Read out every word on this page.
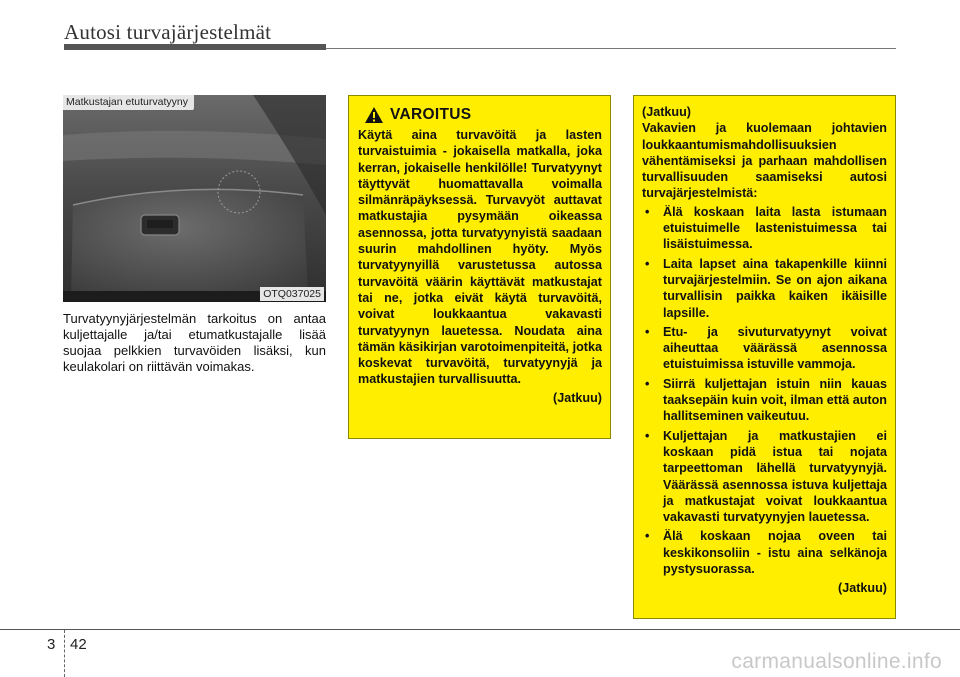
Autosi turvajärjestelmät
Matkustajan etuturvatyyny
OTQ037025
Turvatyynyjärjestelmän tarkoitus on antaa kuljettajalle ja/tai etumatkustajalle lisää suojaa pelkkien turvavöiden lisäksi, kun keulakolari on riittävän voimakas.
VAROITUS
Käytä aina turvavöitä ja lasten turvaistuimia - jokaisella matkalla, joka kerran, jokaiselle henkilölle! Turvatyynyt täyttyvät huomattavalla voimalla silmänräpäyksessä. Turvavyöt auttavat matkustajia pysymään oikeassa asennossa, jotta turvatyynyistä saadaan suurin mahdollinen hyöty. Myös turvatyynyillä varustetussa autossa turvavöitä väärin käyttävät matkustajat tai ne, jotka eivät käytä turvavöitä, voivat loukkaantua vakavasti turvatyynyn lauetessa. Noudata aina tämän käsikirjan varotoimenpiteitä, jotka koskevat turvavöitä, turvatyynyjä ja matkustajien turvallisuutta.
(Jatkuu)
(Jatkuu)
Vakavien ja kuolemaan johtavien loukkaantumismahdollisuuksien vähentämiseksi ja parhaan mahdollisen turvallisuuden saamiseksi autosi turvajärjestelmistä:
• Älä koskaan laita lasta istumaan etuistuimelle lastenistuimessa tai lisäistuimessa.
• Laita lapset aina takapenkille kiinni turvajärjestelmiin. Se on ajon aikana turvallisin paikka kaiken ikäisille lapsille.
• Etu- ja sivuturvatyynyt voivat aiheuttaa väärässä asennossa etuistuimissa istuville vammoja.
• Siirrä kuljettajan istuin niin kauas taaksepäin kuin voit, ilman että auton hallitseminen vaikeutuu.
• Kuljettajan ja matkustajien ei koskaan pidä istua tai nojata tarpeettoman lähellä turvatyynyjä. Väärässä asennossa istuva kuljettaja ja matkustajat voivat loukkaantua vakavasti turvatyynyjen lauetessa.
• Älä koskaan nojaa oveen tai keskikonsoliin - istu aina selkänoja pystysuorassa.
(Jatkuu)
3 42
carmanualsonline.info
